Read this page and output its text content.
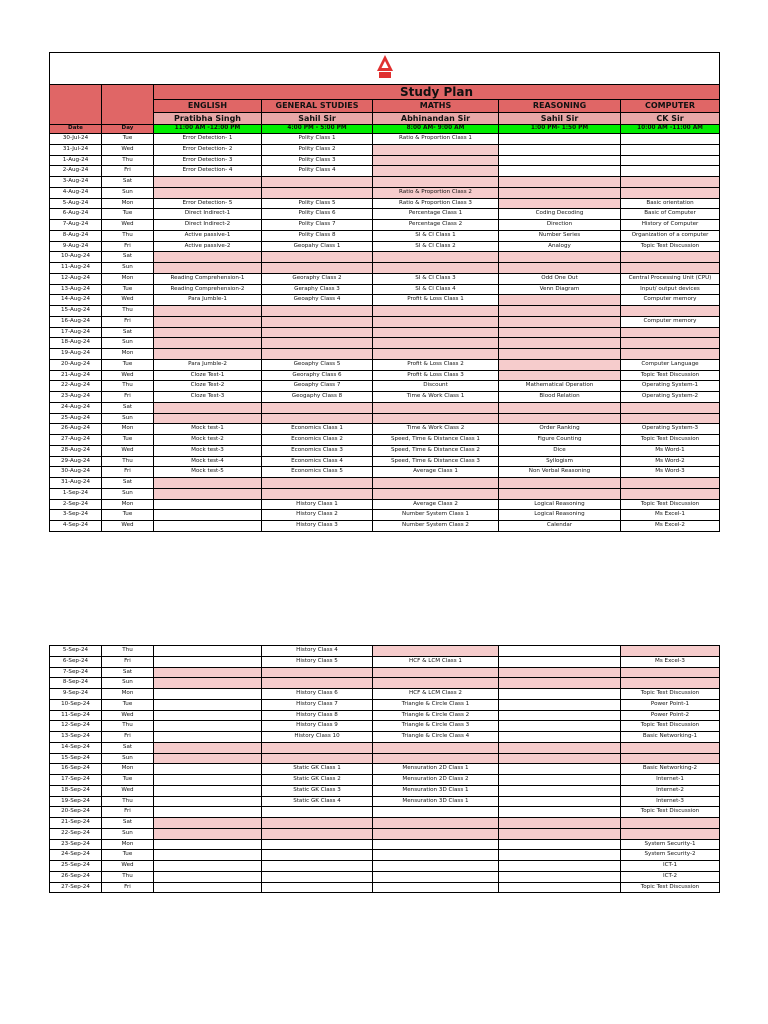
		Study Plan				
		ENGLISH	GENERAL STUDIES	MATHS	REASONING	COMPUTER
		Pratibha Singh	Sahil Sir	Abhinandan Sir	Sahil Sir	CK Sir
Date	Day	11:00 AM -12:00 PM	4:00 PM - 5:00 PM	8:00 AM- 9:00 AM	1:00 PM- 1:50 PM	10:00 AM -11:00 AM
30-Jul-24	Tue	Error Detection- 1	Polity Class 1	Ratio & Proportion Class 1		
31-Jul-24	Wed	Error Detection- 2	Polity Class 2			
1-Aug-24	Thu	Error Detection- 3	Polity Class 3			
2-Aug-24	Fri	Error Detection- 4	Polity Class 4			
3-Aug-24	Sat					
4-Aug-24	Sun			Ratio & Proportion Class 2		
5-Aug-24	Mon	Error Detection- 5	Polity Class 5	Ratio & Proportion Class 3		Basic orientation
6-Aug-24	Tue	Direct Indirect-1	Polity Class 6	Percentage Class 1	Coding Decoding	Basic of Computer
7-Aug-24	Wed	Direct Indirect-2	Polity Class 7	Percentage Class 2	Direction	History of Computer
8-Aug-24	Thu	Active passive-1	Polity Class 8	SI & CI Class 1	Number Series	Organization of a computer
9-Aug-24	Fri	Active passive-2	Geopahy Class 1	SI & CI Class 2	Analogy	Topic Test Discussion
10-Aug-24	Sat					
11-Aug-24	Sun					
12-Aug-24	Mon	Reading Comprehension-1	Georaphy Class 2	SI & CI Class 3	Odd One Out	Central Processing Unit (CPU)
13-Aug-24	Tue	Reading Comprehension-2	Geraphy Class 3	SI & CI Class 4	Venn Diagram	Input/ output devices
14-Aug-24	Wed	Para Jumble-1	Geoaphy Class 4	Profit & Loss Class 1		Computer memory
15-Aug-24	Thu					
16-Aug-24	Fri					Computer memory
17-Aug-24	Sat					
18-Aug-24	Sun					
19-Aug-24	Mon					
20-Aug-24	Tue	Para Jumble-2	Geoaphy Class 5	Profit & Loss Class 2		Computer Language
21-Aug-24	Wed	Cloze Test-1	Georaphy Class 6	Profit & Loss Class 3		Topic Test Discussion
22-Aug-24	Thu	Cloze Test-2	Geoaphy Class 7	Discount	Mathematical Operation	Operating System-1
23-Aug-24	Fri	Cloze Test-3	Geogaphy Class 8	Time & Work Class 1	Blood Relation	Operating System-2
24-Aug-24	Sat					
25-Aug-24	Sun					
26-Aug-24	Mon	Mock test-1	Economics Class 1	Time & Work Class 2	Order Ranking	Operating System-3
27-Aug-24	Tue	Mock test-2	Economics Class 2	Speed, Time & Distance Class 1	Figure Counting	Topic Test Discussion
28-Aug-24	Wed	Mock test-3	Economics Class 3	Speed, Time & Distance Class 2	Dice	Ms Word-1
29-Aug-24	Thu	Mock test-4	Economics Class 4	Speed, Time & Distance Class 3	Syllogism	Ms Word-2
30-Aug-24	Fri	Mock test-5	Economics Class 5	Average Class 1	Non Verbal Reasoning	Ms Word-3
31-Aug-24	Sat					
1-Sep-24	Sun					
2-Sep-24	Mon		History Class 1	Average Class 2	Logical Reasoning	Topic Test Discussion
3-Sep-24	Tue		History Class 2	Number System Class 1	Logical Reasoning	Ms Excel-1
4-Sep-24	Wed		History Class 3	Number System Class 2	Calendar	Ms Excel-2
5-Sep-24	Thu		History Class 4			
6-Sep-24	Fri		History Class 5	HCF & LCM Class 1		Ms Excel-3
7-Sep-24	Sat					
8-Sep-24	Sun					
9-Sep-24	Mon		History Class 6	HCF & LCM Class 2		Topic Test Discussion
10-Sep-24	Tue		History Class 7	Triangle & Circle Class 1		Power Point-1
11-Sep-24	Wed		History Class 8	Triangle & Circle Class 2		Power Point-2
12-Sep-24	Thu		History Class 9	Triangle & Circle Class 3		Topic Test Discussion
13-Sep-24	Fri		History Class 10	Triangle & Circle Class 4		Basic Networking-1
14-Sep-24	Sat					
15-Sep-24	Sun					
16-Sep-24	Mon		Static GK Class 1	Mensuration 2D Class 1		Basic Networking-2
17-Sep-24	Tue		Static GK Class 2	Mensuration 2D Class 2		Internet-1
18-Sep-24	Wed		Static GK Class 3	Mensuration 3D Class 1		Internet-2
19-Sep-24	Thu		Static GK Class 4	Mensuration 3D Class 1		Internet-3
20-Sep-24	Fri					Topic Test Discussion
21-Sep-24	Sat					
22-Sep-24	Sun					
23-Sep-24	Mon					System Security-1
24-Sep-24	Tue					System Security-2
25-Sep-24	Wed					ICT-1
26-Sep-24	Thu					ICT-2
27-Sep-24	Fri					Topic Test Discussion
